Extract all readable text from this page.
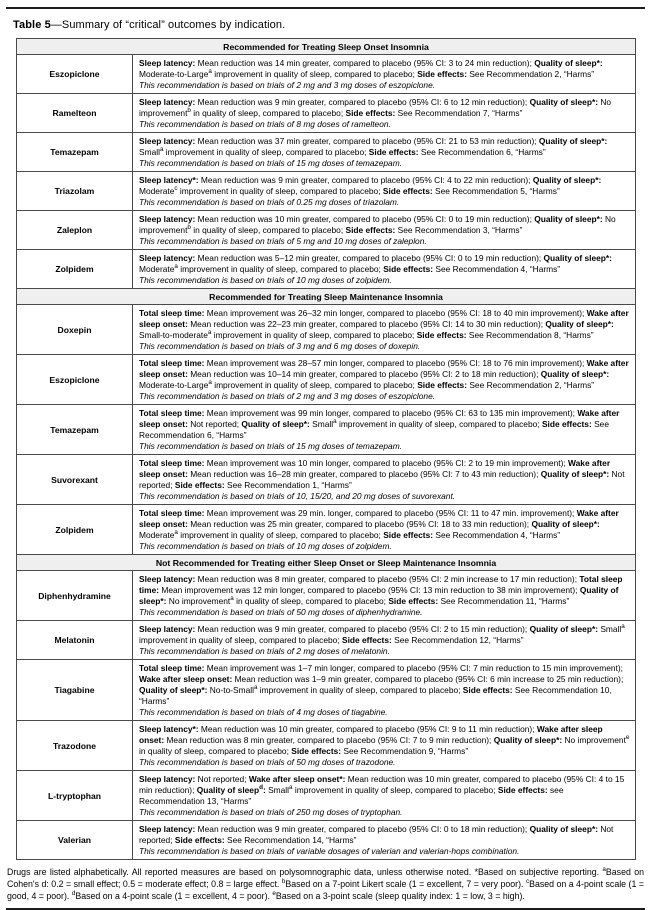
Table 5—Summary of “critical” outcomes by indication.
Recommended for Treating Sleep Onset Insomnia	
Eszopiclone	Sleep latency: Mean reduction was 14 min greater, compared to placebo (95% CI: 3 to 24 min reduction); Quality of sleep*: Moderate-to-Large$^a$ improvement in quality of sleep, compared to placebo; Side effects: See Recommendation 2, “Harms”
This recommendation is based on trials of 2 mg and 3 mg doses of eszopiclone.

Ramelteon	Sleep latency: Mean reduction was 9 min greater, compared to placebo (95% CI: 6 to 12 min reduction); Quality of sleep*: No improvement$^b$ in quality of sleep, compared to placebo; Side effects: See Recommendation 7, “Harms”
This recommendation is based on trials of 8 mg doses of ramelteon.

Temazepam	Sleep latency: Mean reduction was 37 min greater, compared to placebo (95% CI: 21 to 53 min reduction); Quality of sleep*: Small$^a$ improvement in quality of sleep, compared to placebo; Side effects: See Recommendation 6, “Harms”
This recommendation is based on trials of 15 mg doses of temazepam.

Triazolam	Sleep latency*: Mean reduction was 9 min greater, compared to placebo (95% CI: 4 to 22 min reduction); Quality of sleep*: Moderate$^c$ improvement in quality of sleep, compared to placebo; Side effects: See Recommendation 5, “Harms”
This recommendation is based on trials of 0.25 mg doses of triazolam.

Zaleplon	Sleep latency: Mean reduction was 10 min greater, compared to placebo (95% CI: 0 to 19 min reduction); Quality of sleep*: No improvement$^b$ in quality of sleep, compared to placebo; Side effects: See Recommendation 3, “Harms”
This recommendation is based on trials of 5 mg and 10 mg doses of zaleplon.

Zolpidem	Sleep latency: Mean reduction was 5–12 min greater, compared to placebo (95% CI: 0 to 19 min reduction); Quality of sleep*: Moderate$^a$ improvement in quality of sleep, compared to placebo; Side effects: See Recommendation 4, “Harms”
This recommendation is based on trials of 10 mg doses of zolpidem.

Recommended for Treating Sleep Maintenance Insomnia	
Doxepin	Total sleep time: Mean improvement was 26–32 min longer, compared to placebo (95% CI: 18 to 40 min improvement); Wake after sleep onset: Mean reduction was 22–23 min greater, compared to placebo (95% CI: 14 to 30 min reduction); Quality of sleep*: Small-to-moderate$^a$ improvement in quality of sleep, compared to placebo; Side effects: See Recommendation 8, “Harms”
This recommendation is based on trials of 3 mg and 6 mg doses of doxepin.

Eszopiclone	Total sleep time: Mean improvement was 28–57 min longer, compared to placebo (95% CI: 18 to 76 min improvement); Wake after sleep onset: Mean reduction was 10–14 min greater, compared to placebo (95% CI: 2 to 18 min reduction); Quality of sleep*: Moderate-to-Large$^a$ improvement in quality of sleep, compared to placebo; Side effects: See Recommendation 2, “Harms”
This recommendation is based on trials of 2 mg and 3 mg doses of eszopiclone.

Temazepam	Total sleep time: Mean improvement was 99 min longer, compared to placebo (95% CI: 63 to 135 min improvement); Wake after sleep onset: Not reported; Quality of sleep*: Small$^a$ improvement in quality of sleep, compared to placebo; Side effects: See Recommendation 6, “Harms”
This recommendation is based on trials of 15 mg doses of temazepam.

Suvorexant	Total sleep time: Mean improvement was 10 min longer, compared to placebo (95% CI: 2 to 19 min improvement); Wake after sleep onset: Mean reduction was 16–28 min greater, compared to placebo (95% CI: 7 to 43 min reduction); Quality of sleep*: Not reported; Side effects: See Recommendation 1, “Harms”
This recommendation is based on trials of 10, 15/20, and 20 mg doses of suvorexant.

Zolpidem	Total sleep time: Mean improvement was 29 min. longer, compared to placebo (95% CI: 11 to 47 min. improvement); Wake after sleep onset: Mean reduction was 25 min greater, compared to placebo (95% CI: 18 to 33 min reduction); Quality of sleep*: Moderate$^a$ improvement in quality of sleep, compared to placebo; Side effects: See Recommendation 4, “Harms”
This recommendation is based on trials of 10 mg doses of zolpidem.

Not Recommended for Treating either Sleep Onset or Sleep Maintenance Insomnia	
Diphenhydramine	Sleep latency: Mean reduction was 8 min greater, compared to placebo (95% CI: 2 min increase to 17 min reduction); Total sleep time: Mean improvement was 12 min longer, compared to placebo (95% CI: 13 min reduction to 38 min improvement); Quality of sleep*: No improvement$^a$ in quality of sleep, compared to placebo; Side effects: See Recommendation 11, “Harms”
This recommendation is based on trials of 50 mg doses of diphenhydramine.

Melatonin	Sleep latency: Mean reduction was 9 min greater, compared to placebo (95% CI: 2 to 15 min reduction); Quality of sleep*: Small$^a$ improvement in quality of sleep, compared to placebo; Side effects: See Recommendation 12, “Harms”
This recommendation is based on trials of 2 mg doses of melatonin.

Tiagabine	Total sleep time: Mean improvement was 1–7 min longer, compared to placebo (95% CI: 7 min reduction to 15 min improvement); Wake after sleep onset: Mean reduction was 1–9 min greater, compared to placebo (95% CI: 6 min increase to 25 min reduction); Quality of sleep*: No-to-Small$^a$ improvement in quality of sleep, compared to placebo; Side effects: See Recommendation 10, “Harms”
This recommendation is based on trials of 4 mg doses of tiagabine.

Trazodone	Sleep latency*: Mean reduction was 10 min greater, compared to placebo (95% CI: 9 to 11 min reduction); Wake after sleep onset: Mean reduction was 8 min greater, compared to placebo (95% CI: 7 to 9 min reduction); Quality of sleep*: No improvement$^e$ in quality of sleep, compared to placebo; Side effects: See Recommendation 9, “Harms”
This recommendation is based on trials of 50 mg doses of trazodone.

L-tryptophan	Sleep latency: Not reported; Wake after sleep onset*: Mean reduction was 10 min greater, compared to placebo (95% CI: 4 to 15 min reduction); Quality of sleep$^d$: Small$^a$ improvement in quality of sleep, compared to placebo; Side effects: see Recommendation 13, “Harms”
This recommendation is based on trials of 250 mg doses of tryptophan.

Valerian	Sleep latency: Mean reduction was 9 min greater, compared to placebo (95% CI: 0 to 18 min reduction); Quality of sleep*: Not reported; Side effects: See Recommendation 14, “Harms”
This recommendation is based on trials of variable dosages of valerian and valerian-hops combination.
Drugs are listed alphabetically. All reported measures are based on polysomnographic data, unless otherwise noted. *Based on subjective reporting. $^a$Based on Cohen's d: 0.2 = small effect; 0.5 = moderate effect; 0.8 = large effect. $^b$Based on a 7-point Likert scale (1 = excellent, 7 = very poor). $^c$Based on a 4-point scale (1 = good, 4 = poor). $^d$Based on a 4-point scale (1 = excellent, 4 = poor). $^e$Based on a 3-point scale (sleep quality index: 1 = low, 3 = high).
